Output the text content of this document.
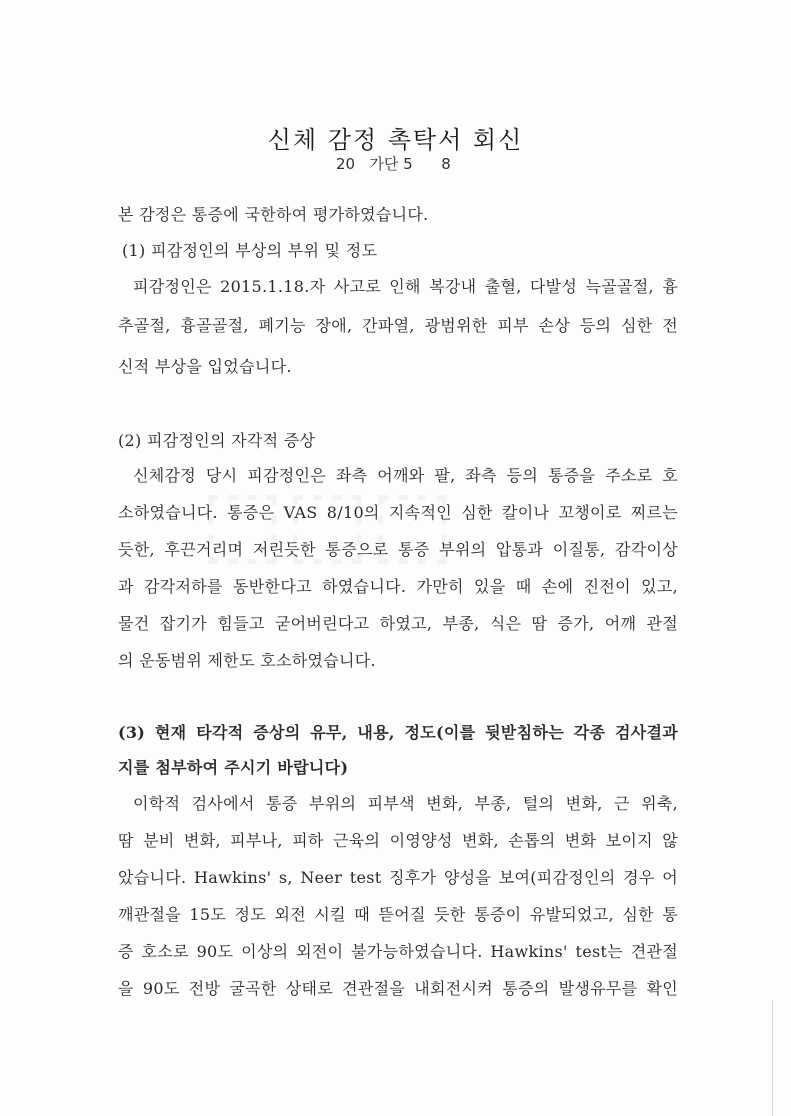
신체 감정 촉탁서 회신
20   가단 5      8
본 감정은 통증에 국한하여 평가하였습니다.
(1) 피감정인의 부상의 부위 및 정도
피감정인은 2015.1.18.자 사고로 인해 복강내 출혈, 다발성 늑골골절, 흉
추골절, 흉골골절, 폐기능 장애, 간파열, 광범위한 피부 손상 등의 심한 전
신적 부상을 입었습니다.
(2) 피감정인의 자각적 증상
신체감정 당시 피감정인은 좌측 어깨와 팔, 좌측 등의 통증을 주소로 호
소하였습니다. 통증은 VAS 8/10의 지속적인 심한 칼이나 꼬챙이로 찌르는
듯한, 후끈거리며 저린듯한 통증으로 통증 부위의 압통과 이질통, 감각이상
과 감각저하를 동반한다고 하였습니다. 가만히 있을 때 손에 진전이 있고,
물건 잡기가 힘들고 굳어버린다고 하였고, 부종, 식은 땀 증가, 어깨 관절
의 운동범위 제한도 호소하였습니다.
(3) 현재 타각적 증상의 유무, 내용, 정도(이를 뒷받침하는 각종 검사결과
지를 첨부하여 주시기 바랍니다)
이학적 검사에서 통증 부위의 피부색 변화, 부종, 털의 변화, 근 위축,
땀 분비 변화, 피부나, 피하 근육의 이영양성 변화, 손톱의 변화 보이지 않
았습니다. Hawkins' s, Neer test 징후가 양성을 보여(피감정인의 경우 어
깨관절을 15도 정도 외전 시킬 때 뜯어질 듯한 통증이 유발되었고, 심한 통
증 호소로 90도 이상의 외전이 불가능하였습니다. Hawkins' test는 견관절
을 90도 전방 굴곡한 상태로 견관절을 내회전시켜 통증의 발생유무를 확인
